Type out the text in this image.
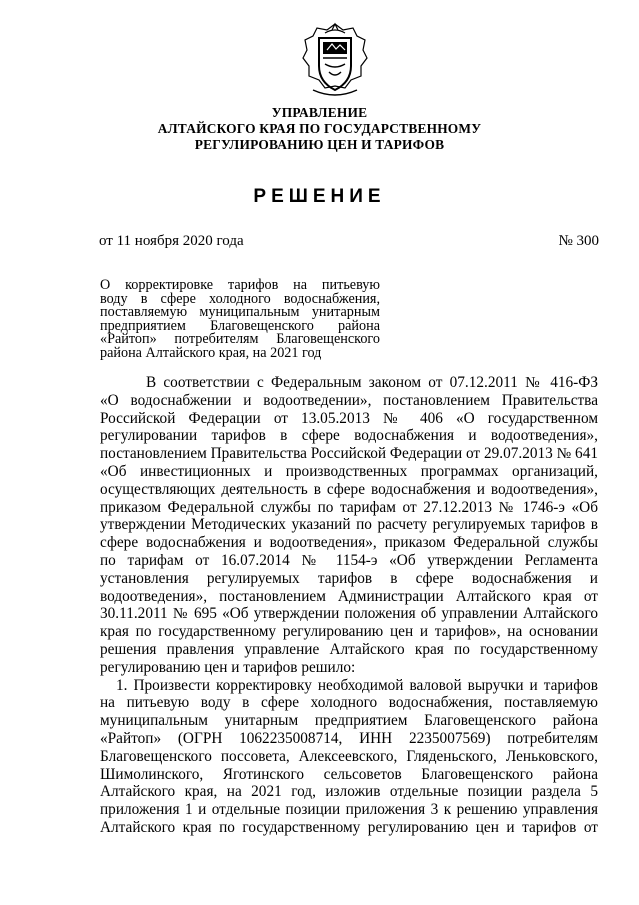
УПРАВЛЕНИЕ
АЛТАЙСКОГО КРАЯ ПО ГОСУДАРСТВЕННОМУ
РЕГУЛИРОВАНИЮ ЦЕН И ТАРИФОВ
РЕШЕНИЕ
от 11 ноября 2020 года	№ 300
О корректировке тарифов на питьевую
воду в сфере холодного водоснабжения,
поставляемую муниципальным унитарным
предприятием Благовещенского района
«Райтоп» потребителям Благовещенского
района Алтайского края, на 2021 год
В соответствии с Федеральным законом от 07.12.2011 № 416-ФЗ
«О водоснабжении и водоотведении», постановлением Правительства
Российской Федерации от 13.05.2013 № 406 «О государственном
регулировании тарифов в сфере водоснабжения и водоотведения»,
постановлением Правительства Российской Федерации от 29.07.2013 № 641
«Об инвестиционных и производственных программах организаций,
осуществляющих деятельность в сфере водоснабжения и водоотведения»,
приказом Федеральной службы по тарифам от 27.12.2013 № 1746-э «Об
утверждении Методических указаний по расчету регулируемых тарифов в
сфере водоснабжения и водоотведения», приказом Федеральной службы
по тарифам от 16.07.2014 № 1154-э «Об утверждении Регламента
установления регулируемых тарифов в сфере водоснабжения и
водоотведения», постановлением Администрации Алтайского края от
30.11.2011 № 695 «Об утверждении положения об управлении Алтайского
края по государственному регулированию цен и тарифов», на основании
решения правления управление Алтайского края по государственному
регулированию цен и тарифов решило:
1. Произвести корректировку необходимой валовой выручки и тарифов
на питьевую воду в сфере холодного водоснабжения, поставляемую
муниципальным унитарным предприятием Благовещенского района
«Райтоп» (ОГРН 1062235008714, ИНН 2235007569) потребителям
Благовещенского поссовета, Алексеевского, Гляденьского, Леньковского,
Шимолинского, Яготинского сельсоветов Благовещенского района
Алтайского края, на 2021 год, изложив отдельные позиции раздела 5
приложения 1 и отдельные позиции приложения 3 к решению управления
Алтайского края по государственному регулированию цен и тарифов от
